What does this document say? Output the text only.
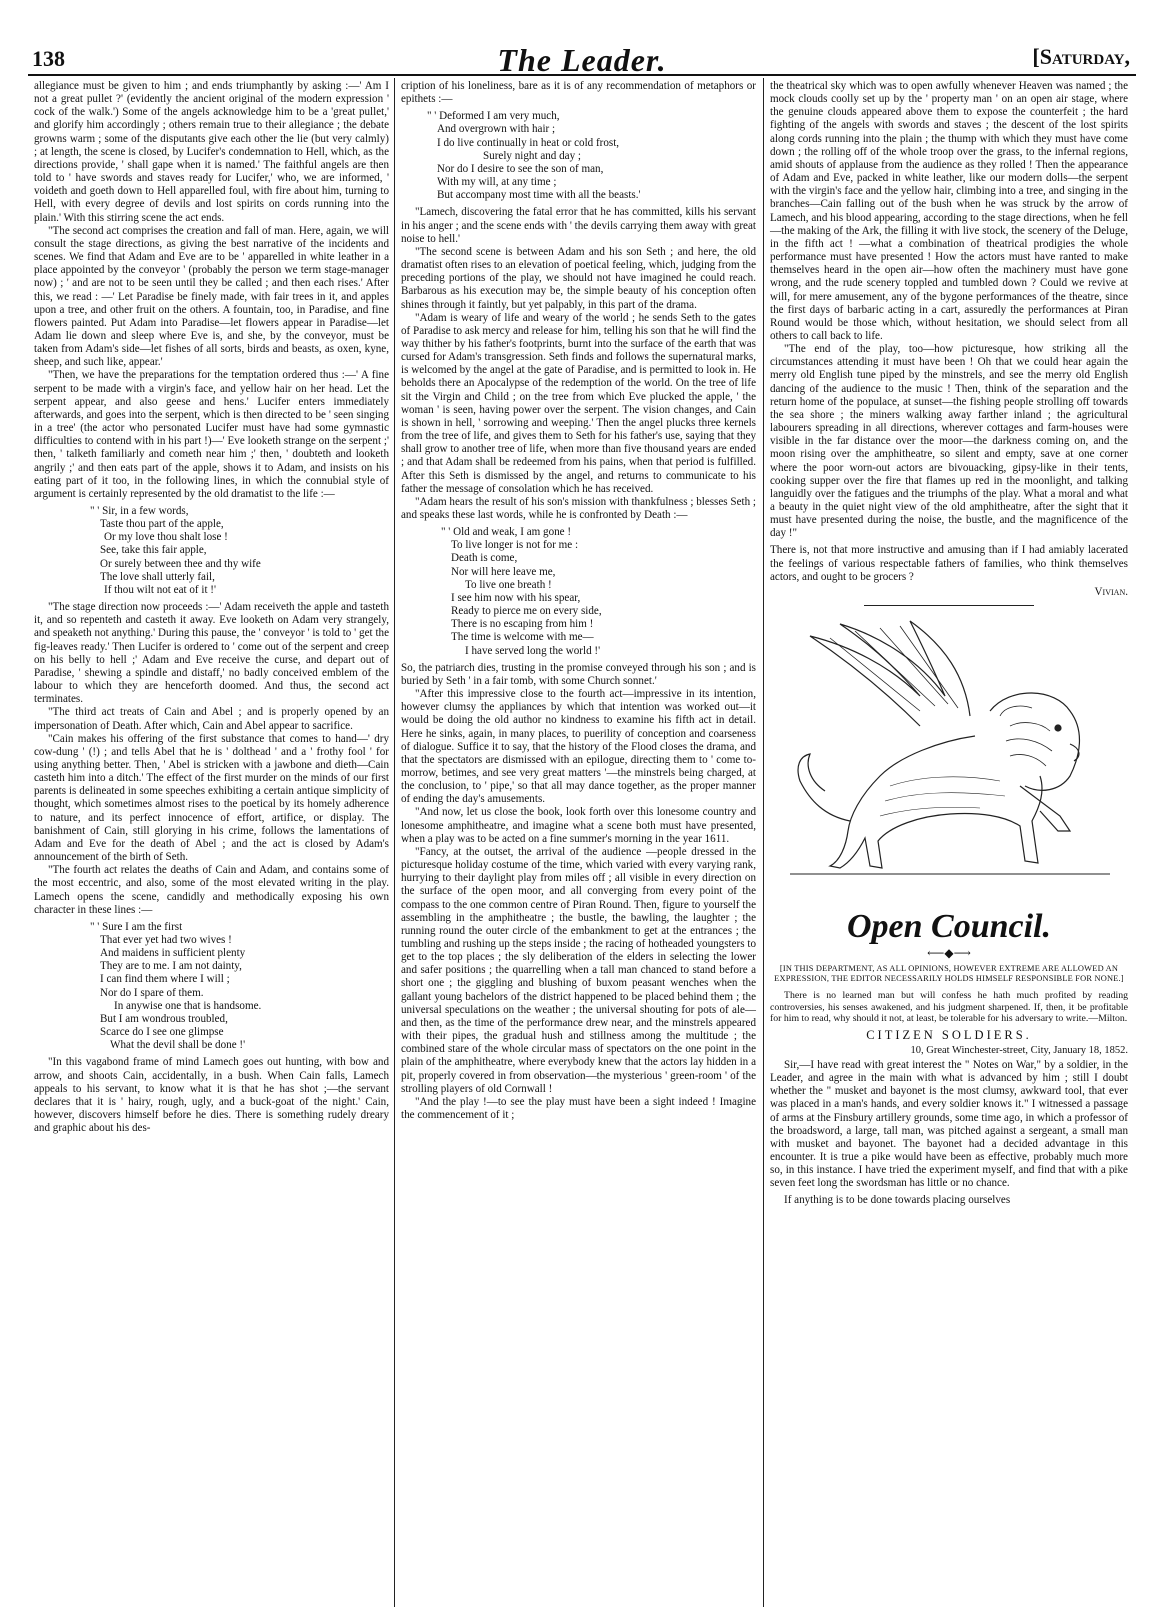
138	The Leader.	[Saturday,

allegiance must be given to him ; and ends triumphantly by asking :—' Am I not a great pullet ?' (evidently the ancient original of the modern expression ' cock of the walk.') Some of the angels acknowledge him to be a 'great pullet,' and glorify him accordingly ; others remain true to their allegiance ; the debate growns warm ; some of the disputants give each other the lie (but very calmly) ; at length, the scene is closed, by Lucifer's condemnation to Hell, which, as the directions provide, ' shall gape when it is named.' The faithful angels are then told to ' have swords and staves ready for Lucifer,' who, we are informed, ' voideth and goeth down to Hell apparelled foul, with fire about him, turning to Hell, with every degree of devils and lost spirits on cords running into the plain.' With this stirring scene the act ends.

"The second act comprises the creation and fall of man. Here, again, we will consult the stage directions, as giving the best narrative of the incidents and scenes. We find that Adam and Eve are to be ' apparelled in white leather in a place appointed by the conveyor ' (probably the person we term stage-manager now) ; ' and are not to be seen until they be called ; and then each rises.' After this, we read : —' Let Paradise be finely made, with fair trees in it, and apples upon a tree, and other fruit on the others. A fountain, too, in Paradise, and fine flowers painted. Put Adam into Paradise—let flowers appear in Paradise—let Adam lie down and sleep where Eve is, and she, by the conveyor, must be taken from Adam's side—let fishes of all sorts, birds and beasts, as oxen, kyne, sheep, and such like, appear.'

"Then, we have the preparations for the temptation ordered thus :—' A fine serpent to be made with a virgin's face, and yellow hair on her head. Let the serpent appear, and also geese and hens.' Lucifer enters immediately afterwards, and goes into the serpent, which is then directed to be ' seen singing in a tree' (the actor who personated Lucifer must have had some gymnastic difficulties to contend with in his part !)—' Eve looketh strange on the serpent ;' then, ' talketh familiarly and cometh near him ;' then, ' doubteth and looketh angrily ;' and then eats part of the apple, shows it to Adam, and insists on his eating part of it too, in the following lines, in which the connubial style of argument is certainly represented by the old dramatist to the life :—

" ' Sir, in a few words,
Taste thou part of the apple,
Or my love thou shalt lose !
See, take this fair apple,
Or surely between thee and thy wife
The love shall utterly fail,
If thou wilt not eat of it !'

"The stage direction now proceeds :—' Adam receiveth the apple and tasteth it, and so repenteth and casteth it away. Eve looketh on Adam very strangely, and speaketh not anything.' During this pause, the ' conveyor ' is told to ' get the fig-leaves ready.' Then Lucifer is ordered to ' come out of the serpent and creep on his belly to hell ;' Adam and Eve receive the curse, and depart out of Paradise, ' shewing a spindle and distaff,' no badly conceived emblem of the labour to which they are henceforth doomed. And thus, the second act terminates.

"The third act treats of Cain and Abel ; and is properly opened by an impersonation of Death. After which, Cain and Abel appear to sacrifice.

"Cain makes his offering of the first substance that comes to hand—' dry cow-dung ' (!) ; and tells Abel that he is ' dolthead ' and a ' frothy fool ' for using anything better. Then, ' Abel is stricken with a jawbone and dieth—Cain casteth him into a ditch.' The effect of the first murder on the minds of our first parents is delineated in some speeches exhibiting a certain antique simplicity of thought, which sometimes almost rises to the poetical by its homely adherence to nature, and its perfect innocence of effort, artifice, or display. The banishment of Cain, still glorying in his crime, follows the lamentations of Adam and Eve for the death of Abel ; and the act is closed by Adam's announcement of the birth of Seth.

"The fourth act relates the deaths of Cain and Adam, and contains some of the most eccentric, and also, some of the most elevated writing in the play. Lamech opens the scene, candidly and methodically exposing his own character in these lines :—

" ' Sure I am the first
That ever yet had two wives !
And maidens in sufficient plenty
They are to me. I am not dainty,
I can find them where I will ;
Nor do I spare of them.
In anywise one that is handsome.
But I am wondrous troubled,
Scarce do I see one glimpse
What the devil shall be done !'

"In this vagabond frame of mind Lamech goes out hunting, with bow and arrow, and shoots Cain, accidentally, in a bush. When Cain falls, Lamech appeals to his servant, to know what it is that he has shot ;—the servant declares that it is ' hairy, rough, ugly, and a buck-goat of the night.' Cain, however, discovers himself before he dies. There is something rudely dreary and graphic about his des-

cription of his loneliness, bare as it is of any recommendation of metaphors or epithets :—

" ' Deformed I am very much,
And overgrown with hair ;
I do live continually in heat or cold frost,
Surely night and day ;
Nor do I desire to see the son of man,
With my will, at any time ;
But accompany most time with all the beasts.'

"Lamech, discovering the fatal error that he has committed, kills his servant in his anger ; and the scene ends with ' the devils carrying them away with great noise to hell.'

"The second scene is between Adam and his son Seth ; and here, the old dramatist often rises to an elevation of poetical feeling, which, judging from the preceding portions of the play, we should not have imagined he could reach. Barbarous as his execution may be, the simple beauty of his conception often shines through it faintly, but yet palpably, in this part of the drama.

"Adam is weary of life and weary of the world ; he sends Seth to the gates of Paradise to ask mercy and release for him, telling his son that he will find the way thither by his father's footprints, burnt into the surface of the earth that was cursed for Adam's transgression. Seth finds and follows the supernatural marks, is welcomed by the angel at the gate of Paradise, and is permitted to look in. He beholds there an Apocalypse of the redemption of the world. On the tree of life sit the Virgin and Child ; on the tree from which Eve plucked the apple, ' the woman ' is seen, having power over the serpent. The vision changes, and Cain is shown in hell, ' sorrowing and weeping.' Then the angel plucks three kernels from the tree of life, and gives them to Seth for his father's use, saying that they shall grow to another tree of life, when more than five thousand years are ended ; and that Adam shall be redeemed from his pains, when that period is fulfilled. After this Seth is dismissed by the angel, and returns to communicate to his father the message of consolation which he has received.

"Adam hears the result of his son's mission with thankfulness ; blesses Seth ; and speaks these last words, while he is confronted by Death :—

" ' Old and weak, I am gone !
To live longer is not for me :
Death is come,
Nor will here leave me,
To live one breath !
I see him now with his spear,
Ready to pierce me on every side,
There is no escaping from him !
The time is welcome with me—
I have served long the world !'

So, the patriarch dies, trusting in the promise conveyed through his son ; and is buried by Seth ' in a fair tomb, with some Church sonnet.'

"After this impressive close to the fourth act—impressive in its intention, however clumsy the appliances by which that intention was worked out—it would be doing the old author no kindness to examine his fifth act in detail. Here he sinks, again, in many places, to puerility of conception and coarseness of dialogue. Suffice it to say, that the history of the Flood closes the drama, and that the spectators are dismissed with an epilogue, directing them to ' come to-morrow, betimes, and see very great matters '—the minstrels being charged, at the conclusion, to ' pipe,' so that all may dance together, as the proper manner of ending the day's amusements.

"And now, let us close the book, look forth over this lonesome country and lonesome amphitheatre, and imagine what a scene both must have presented, when a play was to be acted on a fine summer's morning in the year 1611.

"Fancy, at the outset, the arrival of the audience —people dressed in the picturesque holiday costume of the time, which varied with every varying rank, hurrying to their daylight play from miles off ; all visible in every direction on the surface of the open moor, and all converging from every point of the compass to the one common centre of Piran Round. Then, figure to yourself the assembling in the amphitheatre ; the bustle, the bawling, the laughter ; the running round the outer circle of the embankment to get at the entrances ; the tumbling and rushing up the steps inside ; the racing of hotheaded youngsters to get to the top places ; the sly deliberation of the elders in selecting the lower and safer positions ; the quarrelling when a tall man chanced to stand before a short one ; the giggling and blushing of buxom peasant wenches when the gallant young bachelors of the district happened to be placed behind them ; the universal speculations on the weather ; the universal shouting for pots of ale—and then, as the time of the performance drew near, and the minstrels appeared with their pipes, the gradual hush and stillness among the multitude ; the combined stare of the whole circular mass of spectators on the one point in the plain of the amphitheatre, where everybody knew that the actors lay hidden in a pit, properly covered in from observation—the mysterious ' green-room ' of the strolling players of old Cornwall !

"And the play !—to see the play must have been a sight indeed ! Imagine the commencement of it ;

the theatrical sky which was to open awfully whenever Heaven was named ; the mock clouds coolly set up by the ' property man ' on an open air stage, where the genuine clouds appeared above them to expose the counterfeit ; the hard fighting of the angels with swords and staves ; the descent of the lost spirits along cords running into the plain ; the thump with which they must have come down ; the rolling off of the whole troop over the grass, to the infernal regions, amid shouts of applause from the audience as they rolled ! Then the appearance of Adam and Eve, packed in white leather, like our modern dolls—the serpent with the virgin's face and the yellow hair, climbing into a tree, and singing in the branches—Cain falling out of the bush when he was struck by the arrow of Lamech, and his blood appearing, according to the stage directions, when he fell—the making of the Ark, the filling it with live stock, the scenery of the Deluge, in the fifth act ! —what a combination of theatrical prodigies the whole performance must have presented ! How the actors must have ranted to make themselves heard in the open air—how often the machinery must have gone wrong, and the rude scenery toppled and tumbled down ? Could we revive at will, for mere amusement, any of the bygone performances of the theatre, since the first days of barbaric acting in a cart, assuredly the performances at Piran Round would be those which, without hesitation, we should select from all others to call back to life.

"The end of the play, too—how picturesque, how striking all the circumstances attending it must have been ! Oh that we could hear again the merry old English tune piped by the minstrels, and see the merry old English dancing of the audience to the music ! Then, think of the separation and the return home of the populace, at sunset—the fishing people strolling off towards the sea shore ; the miners walking away farther inland ; the agricultural labourers spreading in all directions, wherever cottages and farm-houses were visible in the far distance over the moor—the darkness coming on, and the moon rising over the amphitheatre, so silent and empty, save at one corner where the poor worn-out actors are bivouacking, gipsy-like in their tents, cooking supper over the fire that flames up red in the moonlight, and talking languidly over the fatigues and the triumphs of the play. What a moral and what a beauty in the quiet night view of the old amphitheatre, after the sight that it must have presented during the noise, the bustle, and the magnificence of the day !"

There is, not that more instructive and amusing than if I had amiably lacerated the feelings of various respectable fathers of families, who think themselves actors, and ought to be grocers ?

Vivian.
Open Council.
⟵◆⟶
[IN THIS DEPARTMENT, AS ALL OPINIONS, HOWEVER EXTREME ARE ALLOWED AN EXPRESSION, THE EDITOR NECESSARILY HOLDS HIMSELF RESPONSIBLE FOR NONE.]

There is no learned man but will confess he hath much profited by reading controversies, his senses awakened, and his judgment sharpened. If, then, it be profitable for him to read, why should it not, at least, be tolerable for his adversary to write.—Milton.

CITIZEN SOLDIERS.
10, Great Winchester-street, City, January 18, 1852.

Sir,—I have read with great interest the " Notes on War," by a soldier, in the Leader, and agree in the main with what is advanced by him ; still I doubt whether the " musket and bayonet is the most clumsy, awkward tool, that ever was placed in a man's hands, and every soldier knows it." I witnessed a passage of arms at the Finsbury artillery grounds, some time ago, in which a professor of the broadsword, a large, tall man, was pitched against a sergeant, a small man with musket and bayonet. The bayonet had a decided advantage in this encounter. It is true a pike would have been as effective, probably much more so, in this instance. I have tried the experiment myself, and find that with a pike seven feet long the swordsman has little or no chance.

If anything is to be done towards placing ourselves
